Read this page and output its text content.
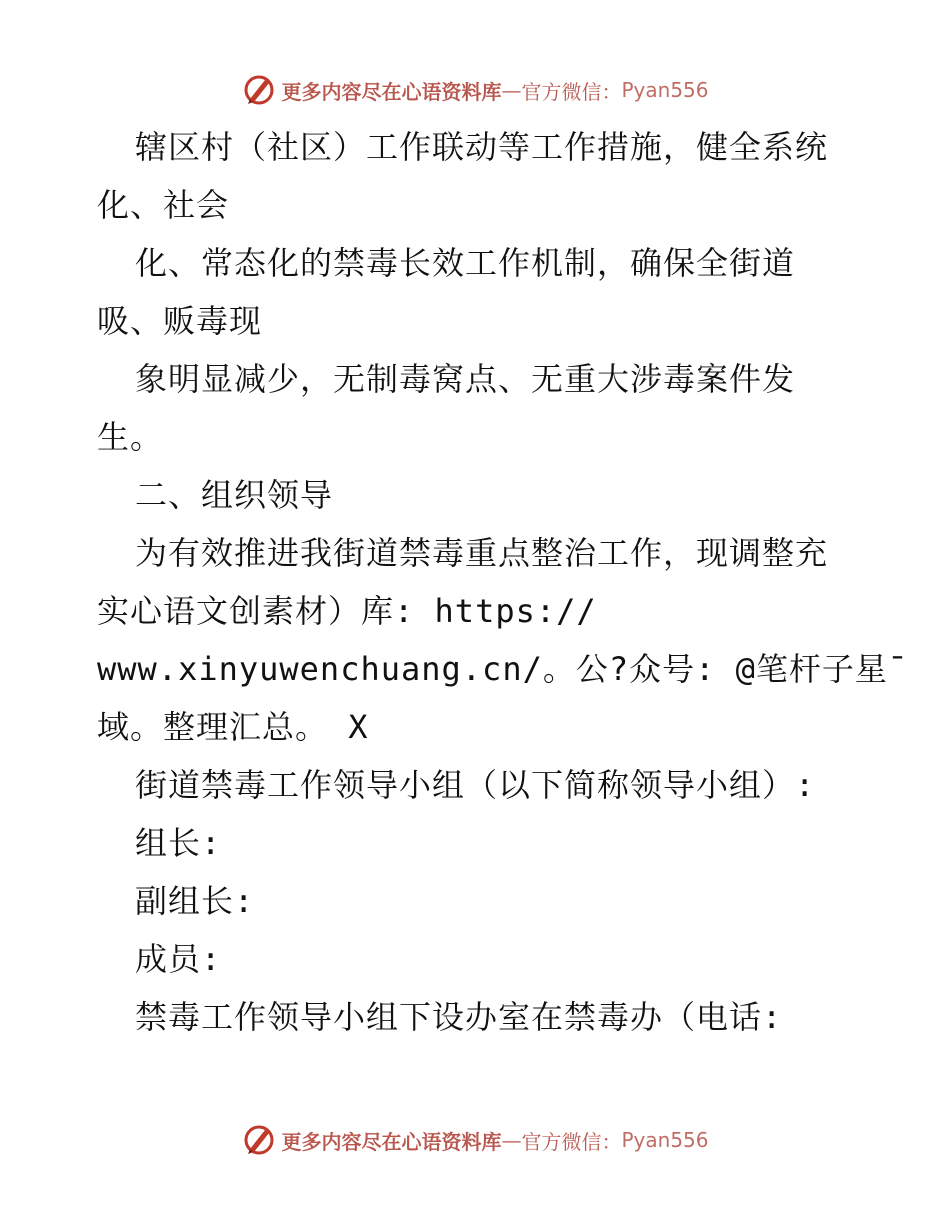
更多内容尽在心语资料库 — 官方微信： Pyan556
辖区村（社区）工作联动等工作措施，健全系统
化、社会
化、常态化的禁毒长效工作机制，确保全街道
吸、贩毒现
象明显减少，无制毒窝点、无重大涉毒案件发
生。
二、组织领导
为有效推进我街道禁毒重点整治工作，现调整充
实心语文创素材）库: https://
www.xinyuwenchuang.cn/。公?众号: @笔杆子星¯
域。整理汇总。 X
街道禁毒工作领导小组（以下简称领导小组）:
组长:
副组长:
成员:
禁毒工作领导小组下设办室在禁毒办（电话:
更多内容尽在心语资料库 — 官方微信： Pyan556
